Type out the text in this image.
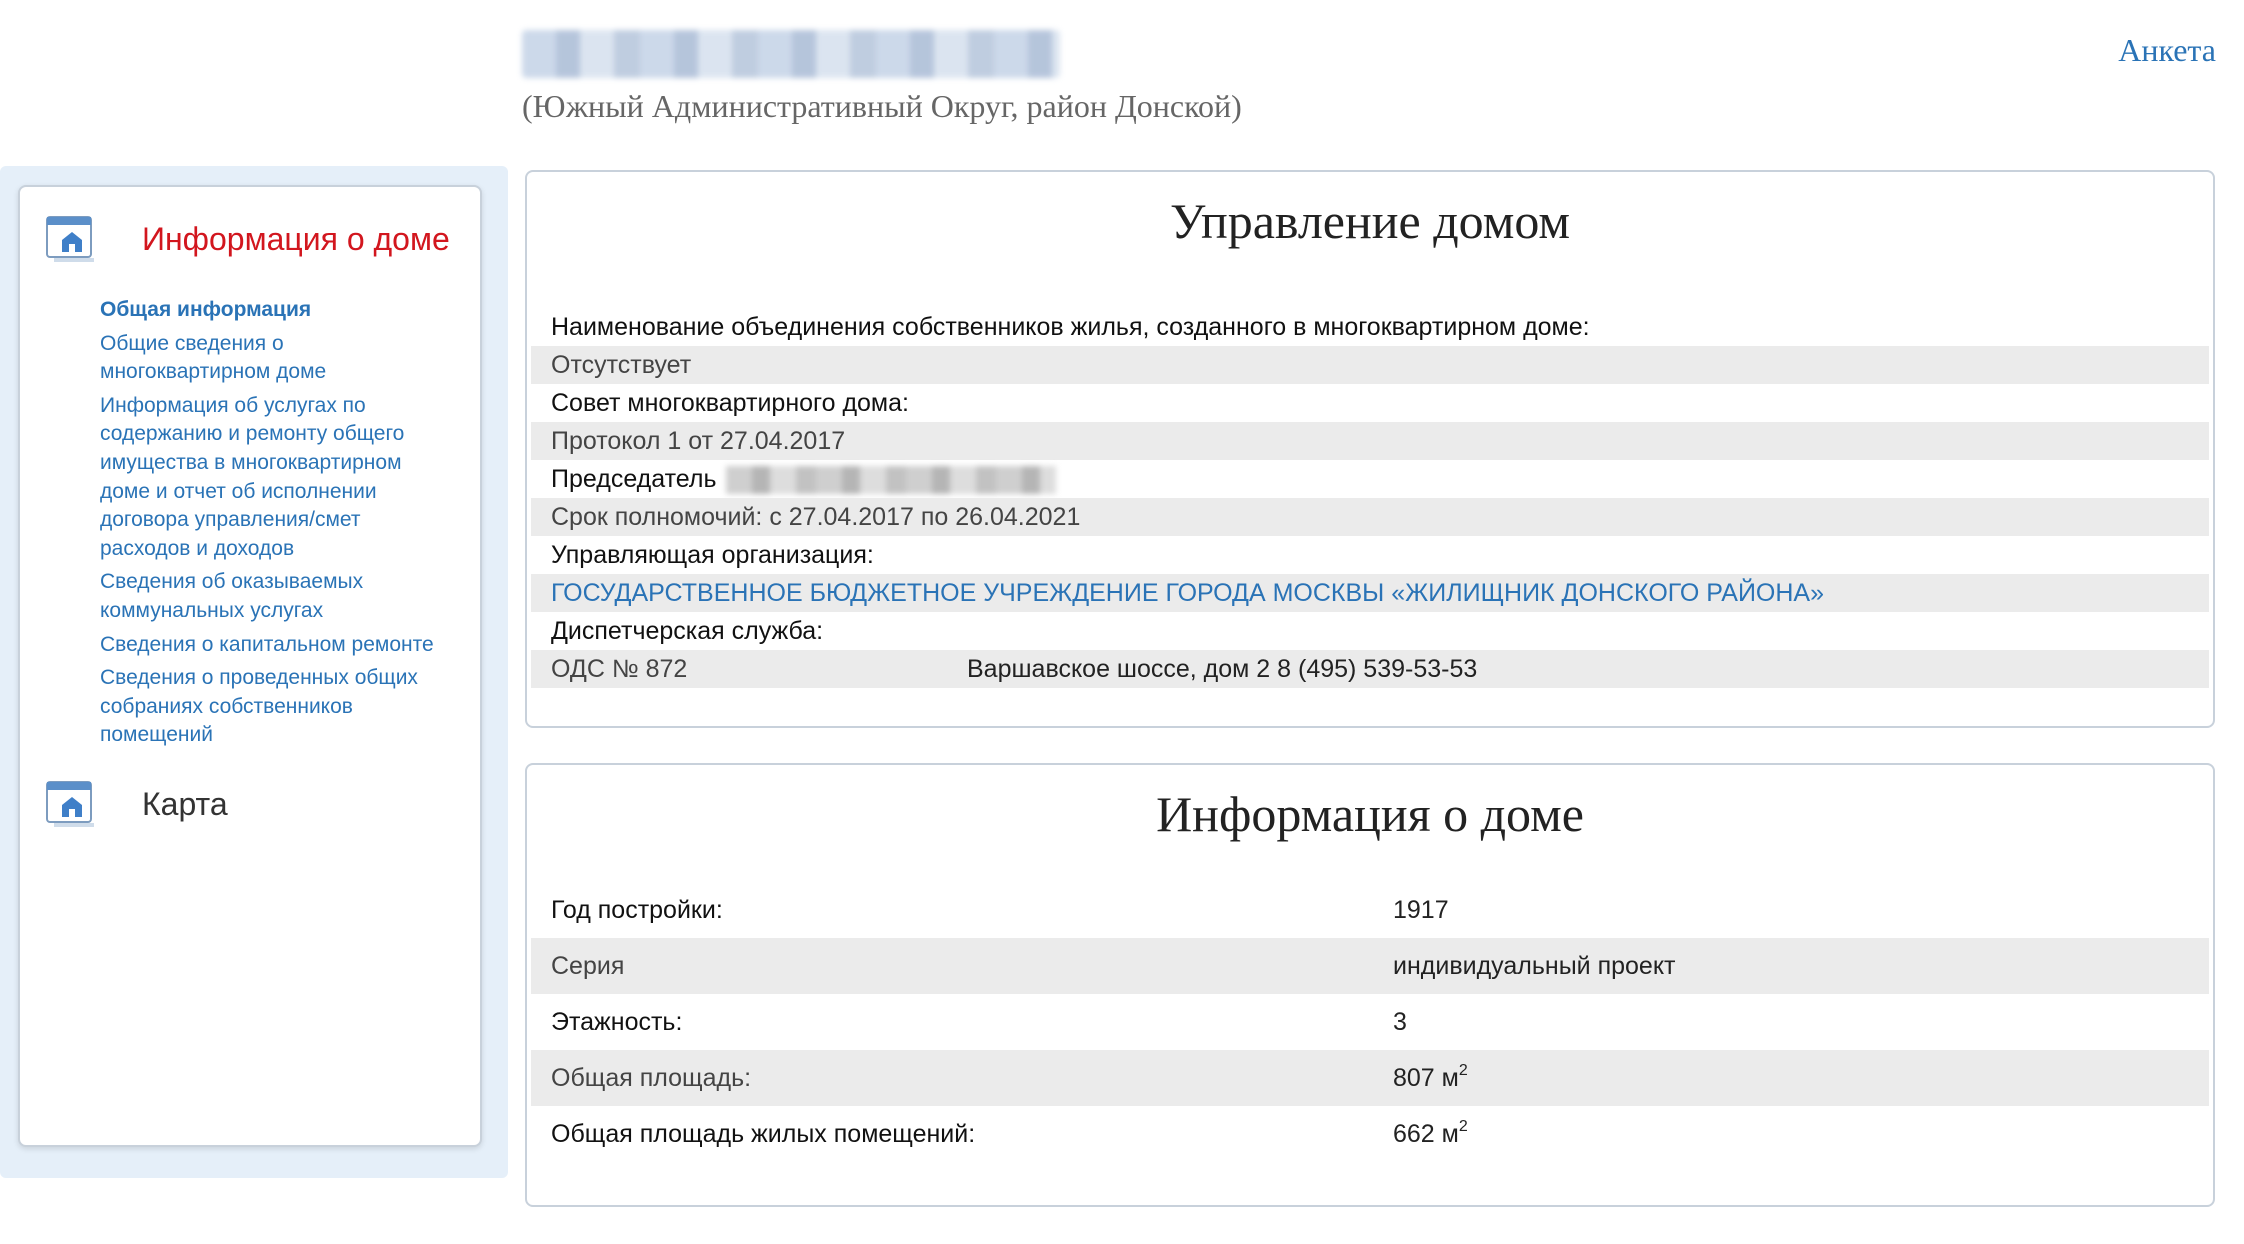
(Южный Административный Округ, район Донской)
Анкета
Информация о доме
Общая информация
Общие сведения о многоквартирном доме
Информация об услугах по содержанию и ремонту общего имущества в многоквартирном доме и отчет об исполнении договора управления/смет расходов и доходов
Сведения об оказываемых коммунальных услугах
Сведения о капитальном ремонте
Сведения о проведенных общих собраниях собственников помещений
Карта
Управление домом
Наименование объединения собственников жилья, созданного в многоквартирном доме:
Отсутствует
Совет многоквартирного дома:
Протокол 1 от 27.04.2017
Председатель
Срок полномочий: с 27.04.2017 по 26.04.2021
Управляющая организация:
ГОСУДАРСТВЕННОЕ БЮДЖЕТНОЕ УЧРЕЖДЕНИЕ ГОРОДА МОСКВЫ «ЖИЛИЩНИК ДОНСКОГО РАЙОНА»
Диспетчерская служба:
ОДС № 872	Варшавское шоссе, дом 2 8 (495) 539-53-53
Информация о доме
Год постройки:	1917
Серия	индивидуальный проект
Этажность:	3
Общая площадь:	807 $м^2$
Общая площадь жилых помещений:	662 $м^2$
